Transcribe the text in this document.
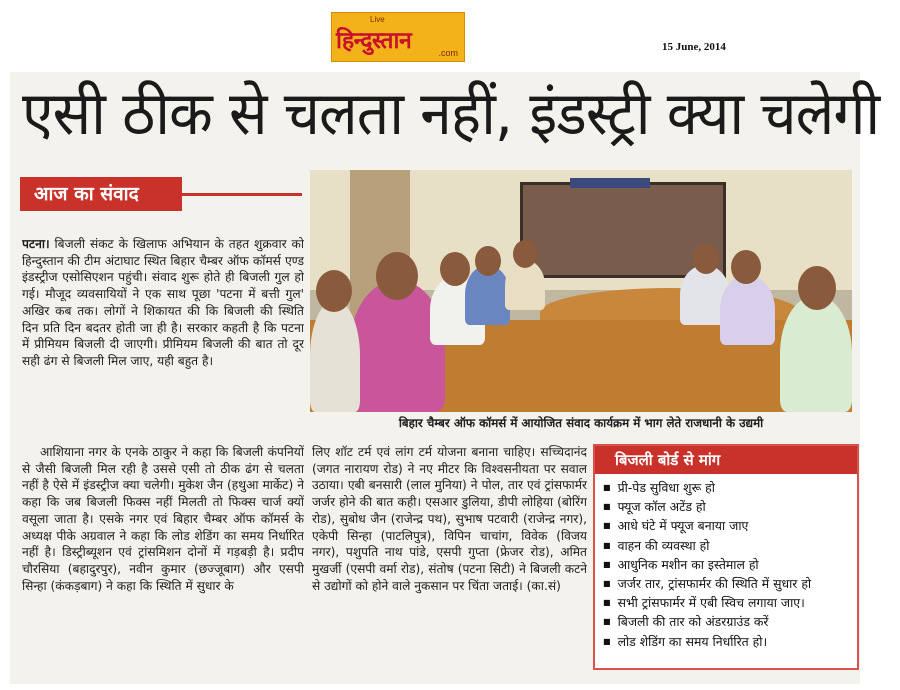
Live
हिन्दुस्तान	.com	15 June, 2014
एसी ठीक से चलता नहीं, इंडस्ट्री क्या चलेगी
आज का संवाद
पटना। बिजली संकट के खिलाफ अभियान के तहत शुक्रवार को हिन्दुस्तान की टीम अंटाघाट स्थित बिहार चैम्बर ऑफ कॉमर्स एण्ड इंडस्ट्रीज एसोसिएशन पहुंची। संवाद शुरू होते ही बिजली गुल हो गई। मौजूद व्यवसायियों ने एक साथ पूछा 'पटना में बत्ती गुल' अखिर कब तक। लोगों ने शिकायत की कि बिजली की स्थिति दिन प्रति दिन बदतर होती जा ही है। सरकार कहती है कि पटना में प्रीमियम बिजली दी जाएगी। प्रीमियम बिजली की बात तो दूर सही ढंग से बिजली मिल जाए, यही बहुत है।
आशियाना नगर के एनके ठाकुर ने कहा कि बिजली कंपनियों से जैसी बिजली मिल रही है उससे एसी तो ठीक ढंग से चलता नहीं है ऐसे में इंडस्ट्रीज क्या चलेगी। मुकेश जैन (हथुआ मार्केट) ने कहा कि जब बिजली फिक्स नहीं मिलती तो फिक्स चार्ज क्यों वसूला जाता है। एसके नगर एवं बिहार चैम्बर ऑफ कॉमर्स के अध्यक्ष पीके अग्रवाल ने कहा कि लोड शेडिंग का समय निर्धारित नहीं है। डिस्ट्रीब्यूशन एवं ट्रांसमिशन दोनों में गड़बड़ी है। प्रदीप चौरसिया (बहादुरपुर), नवीन कुमार (छज्जूबाग) और एसपी सिन्हा (कंकड़बाग) ने कहा कि स्थिति में सुधार के
लिए शॉट टर्म एवं लांग टर्म योजना बनाना चाहिए। सच्चिदानंद (जगत नारायण रोड) ने नए मीटर कि विश्वसनीयता पर सवाल उठाया। एबी बनसारी (लाल मुनिया) ने पोल, तार एवं ट्रांसफार्मर जर्जर होने की बात कही। एसआर डुलिया, डीपी लोहिया (बोरिंग रोड), सुबोध जैन (राजेन्द्र पथ), सुभाष पटवारी (राजेन्द्र नगर), एकेपी सिन्हा (पाटलिपुत्र), विपिन चाचांग, विवेक (विजय नगर), पशुपति नाथ पांडे, एसपी गुप्ता (फ्रेजर रोड), अमित मुखर्जी (एसपी वर्मा रोड), संतोष (पटना सिटी) ने बिजली कटने से उद्योगों को होने वाले नुकसान पर चिंता जताई। (का.सं)
बिहार चैम्बर ऑफ कॉमर्स में आयोजित संवाद कार्यक्रम में भाग लेते राजधानी के उद्यमी
बिजली बोर्ड से मांग
■ प्री-पेड सुविधा शुरू हो
■ फ्यूज कॉल अटेंड हो
■ आधे घंटे में फ्यूज बनाया जाए
■ वाहन की व्यवस्था हो
■ आधुनिक मशीन का इस्तेमाल हो
■ जर्जर तार, ट्रांसफार्मर की स्थिति में सुधार हो
■ सभी ट्रांसफार्मर में एबी स्विच लगाया जाए।
■ बिजली की तार को अंडरग्राउंड करें
■ लोड शेडिंग का समय निर्धारित हो।
